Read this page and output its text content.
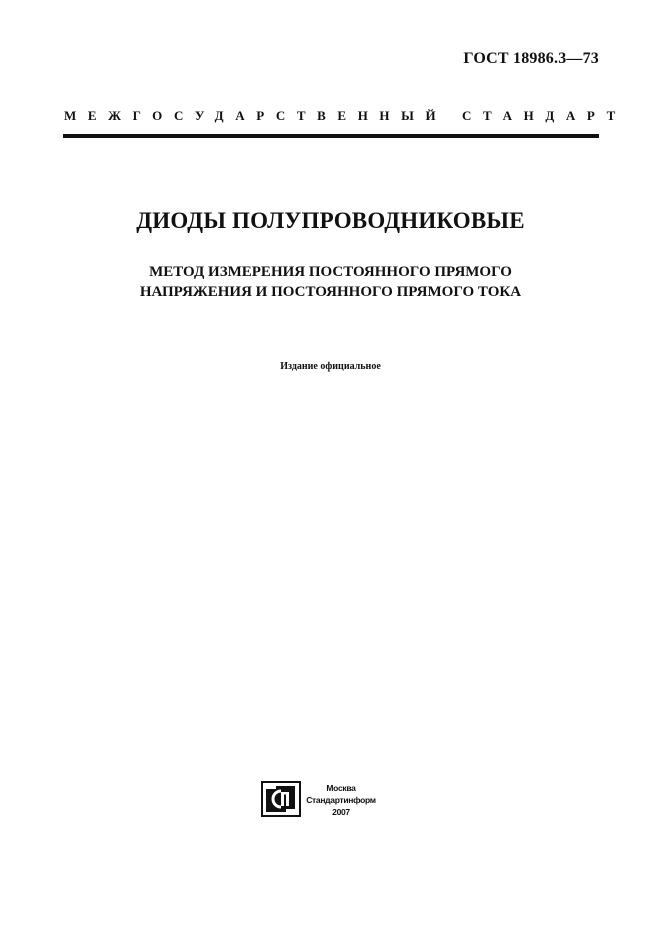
ГОСТ 18986.3—73
МЕЖГОСУДАРСТВЕННЫЙ СТАНДАРТ
ДИОДЫ ПОЛУПРОВОДНИКОВЫЕ
МЕТОД ИЗМЕРЕНИЯ ПОСТОЯННОГО ПРЯМОГО
НАПРЯЖЕНИЯ И ПОСТОЯННОГО ПРЯМОГО ТОКА
Издание официальное
Москва
Стандартинформ
2007
